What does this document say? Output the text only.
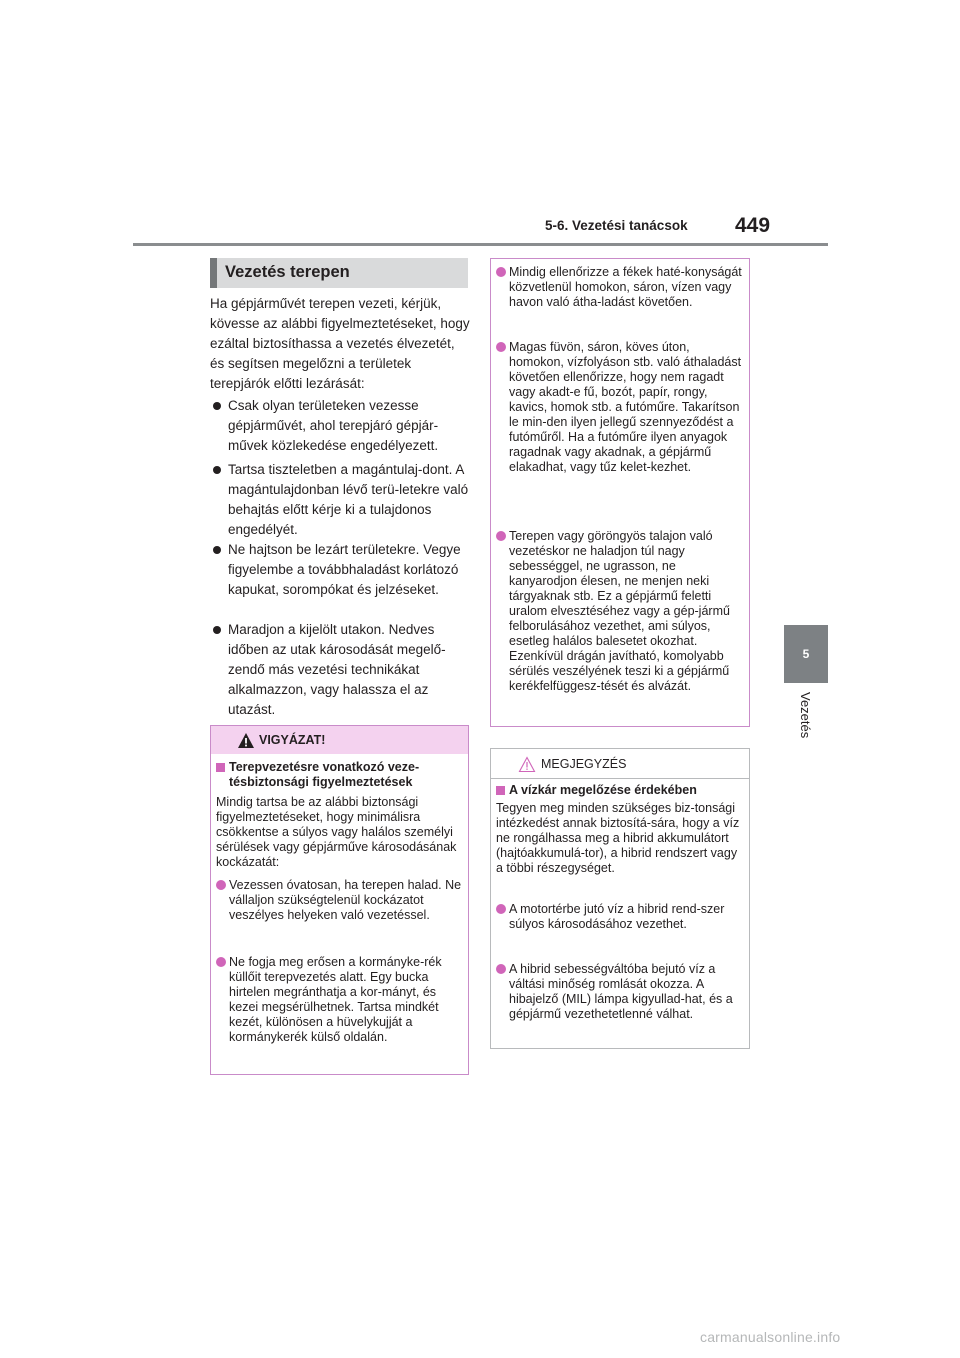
5-6. Vezetési tanácsok 449
5
Vezetés
Vezetés terepen
Ha gépjárművét terepen vezeti, kérjük, kövesse az alábbi figyelmeztetéseket, hogy ezáltal biztosíthassa a vezetés élvezetét, és segítsen megelőzni a területek terepjárók előtti lezárását:
Csak olyan területeken vezesse gépjárművét, ahol terepjáró gépjár-művek közlekedése engedélyezett.
Tartsa tiszteletben a magántulaj-dont. A magántulajdonban lévő terü-letekre való behajtás előtt kérje ki a tulajdonos engedélyét.
Ne hajtson be lezárt területekre. Vegye figyelembe a továbbhaladást korlátozó kapukat, sorompókat és jelzéseket.
Maradjon a kijelölt utakon. Nedves időben az utak károsodását megelő-zendő más vezetési technikákat alkalmazzon, vagy halassza el az utazást.
VIGYÁZAT!
Terepvezetésre vonatkozó veze-tésbiztonsági figyelmeztetések
Mindig tartsa be az alábbi biztonsági figyelmeztetéseket, hogy minimálisra csökkentse a súlyos vagy halálos személyi sérülések vagy gépjárműve károsodásának kockázatát:
Vezessen óvatosan, ha terepen halad. Ne vállaljon szükségtelenül kockázatot veszélyes helyeken való vezetéssel.
Ne fogja meg erősen a kormányke-rék küllőit terepvezetés alatt. Egy bucka hirtelen megránthatja a kor-mányt, és kezei megsérülhetnek. Tartsa mindkét kezét, különösen a hüvelykujját a kormánykerék külső oldalán.
Mindig ellenőrizze a fékek haté-konyságát közvetlenül homokon, sáron, vízen vagy havon való átha-ladást követően.
Magas füvön, sáron, köves úton, homokon, vízfolyáson stb. való áthaladást követően ellenőrizze, hogy nem ragadt vagy akadt-e fű, bozót, papír, rongy, kavics, homok stb. a futóműre. Takarítson le min-den ilyen jellegű szennyeződést a futóműről. Ha a futóműre ilyen anyagok ragadnak vagy akadnak, a gépjármű elakadhat, vagy tűz kelet-kezhet.
Terepen vagy göröngyös talajon való vezetéskor ne haladjon túl nagy sebességgel, ne ugrasson, ne kanyarodjon élesen, ne menjen neki tárgyaknak stb. Ez a gépjármű feletti uralom elvesztéséhez vagy a gép-jármű felborulásához vezethet, ami súlyos, esetleg halálos balesetet okozhat. Ezenkívül drágán javítható, komolyabb sérülés veszélyének teszi ki a gépjármű kerékfelfüggesz-tését és alvázát.
MEGJEGYZÉS
A vízkár megelőzése érdekében
Tegyen meg minden szükséges biz-tonsági intézkedést annak biztosítá-sára, hogy a víz ne rongálhassa meg a hibrid akkumulátort (hajtóakkumulá-tor), a hibrid rendszert vagy a többi részegységet.
A motortérbe jutó víz a hibrid rend-szer súlyos károsodásához vezethet.
A hibrid sebességváltóba bejutó víz a váltási minőség romlását okozza. A hibajelző (MIL) lámpa kigyullad-hat, és a gépjármű vezethetetlenné válhat.
carmanualsonline.info
